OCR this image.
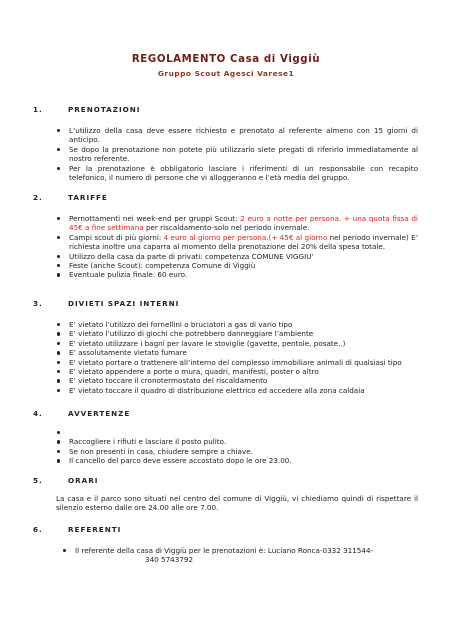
REGOLAMENTO Casa di Viggiù
Gruppo Scout Agesci Varese1
1.	PRENOTAZIONI
L’utilizzo della casa deve essere richiesto e prenotato al referente almeno con 15 giorni di anticipo.
Se dopo la prenotazione non potete più utilizzarlo siete pregati di riferirlo immediatamente al nostro referente.
Per la prenotazione è obbligatorio lasciare i riferimenti di un responsabile con recapito telefonico, il numero di persone che vi alloggeranno e l’età media del gruppo.
2.	TARIFFE
Pernottamenti nei week-end per gruppi Scout: 2 euro a notte per persona. + una quota fissa di 45€ a fine settimana per riscaldamento-solo nel periodo invernale.
Campi scout di più giorni: 4 euro al giorno per persona.(+ 45€ al giorno nel periodo invernale) E’ richiesta inoltre una caparra al momento della prenotazione del 20% della spesa totale.
Utilizzo della casa da parte di privati: competenza COMUNE VIGGIU’
Feste (anche Scout): competenza Comune di Viggiù
Eventuale pulizia finale: 60 euro.
3.	DIVIETI SPAZI INTERNI
E’ vietato l’utilizzo dei fornellini o bruciatori a gas di vario tipo
E’ vietato l’utilizzo di giochi che potrebbero danneggiare l’ambiente
E’ vietato utilizzare i bagni per lavare le stoviglie (gavette, pentole, posate..)
E’ assolutamente vietato fumare
E’ vietato portare o trattenere all’interno del complesso immobiliare animali di qualsiasi tipo
E’ vietato appendere a porte o mura, quadri, manifesti, poster o altro
E’ vietato toccare il cronotermostato del riscaldamento
E’ vietato toccare il quadro di distribuzione elettrico ed accedere alla zona caldaia
4.	AVVERTENZE
Raccogliere i rifiuti e lasciare il posto pulito.
Se non presenti in casa, chiudere sempre a chiave.
Il cancello del parco deve essere accostato dopo le ore 23.00.
5.	ORARI
La casa e il parco sono situati nel centro del comune di Viggiù, vi chiediamo quindi di rispettare il silenzio esterno dalle ore 24.00 alle ore 7.00.
6.	REFERENTI
Il referente della casa di Viggiù per le prenotazioni è: Luciano Ronca-0332 311544-
340 5743792
